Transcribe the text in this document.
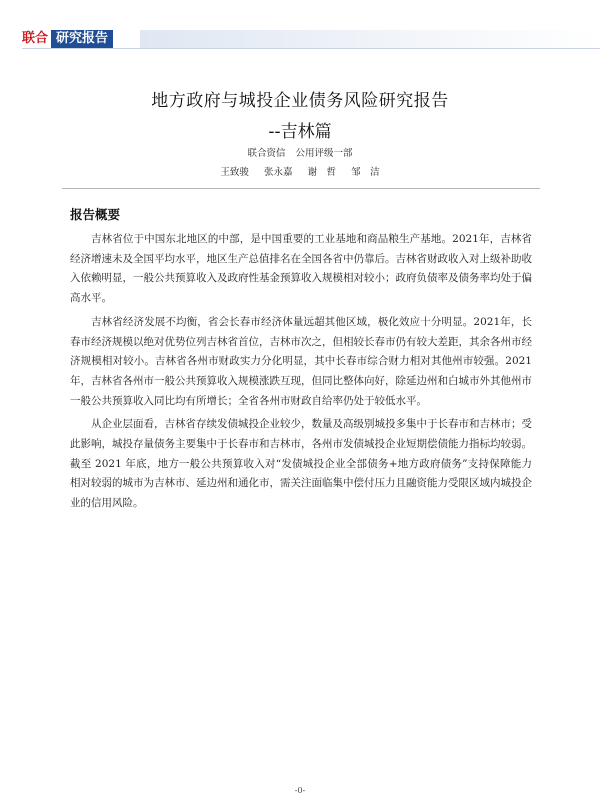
联合 研究报告
地方政府与城投企业债务风险研究报告
--吉林篇
联合资信 公用评级一部
王致骏 张永嘉 谢　哲 邹　洁
报告概要

吉林省位于中国东北地区的中部，是中国重要的工业基地和商品粮生产基地。2021年，吉林省经济增速未及全国平均水平，地区生产总值排名在全国各省中仍靠后。吉林省财政收入对上级补助收入依赖明显，一般公共预算收入及政府性基金预算收入规模相对较小；政府负债率及债务率均处于偏高水平。

吉林省经济发展不均衡，省会长春市经济体量远超其他区域，极化效应十分明显。2021年，长春市经济规模以绝对优势位列吉林省首位，吉林市次之，但相较长春市仍有较大差距，其余各州市经济规模相对较小。吉林省各州市财政实力分化明显，其中长春市综合财力相对其他州市较强。2021年，吉林省各州市一般公共预算收入规模涨跌互现，但同比整体向好，除延边州和白城市外其他州市一般公共预算收入同比均有所增长；全省各州市财政自给率仍处于较低水平。

从企业层面看，吉林省存续发债城投企业较少，数量及高级别城投多集中于长春市和吉林市；受此影响，城投存量债务主要集中于长春市和吉林市，各州市发债城投企业短期偿债能力指标均较弱。截至 2021 年底，地方一般公共预算收入对“发债城投企业全部债务+地方政府债务”支持保障能力相对较弱的城市为吉林市、延边州和通化市，需关注面临集中偿付压力且融资能力受限区域内城投企业的信用风险。

-0-
